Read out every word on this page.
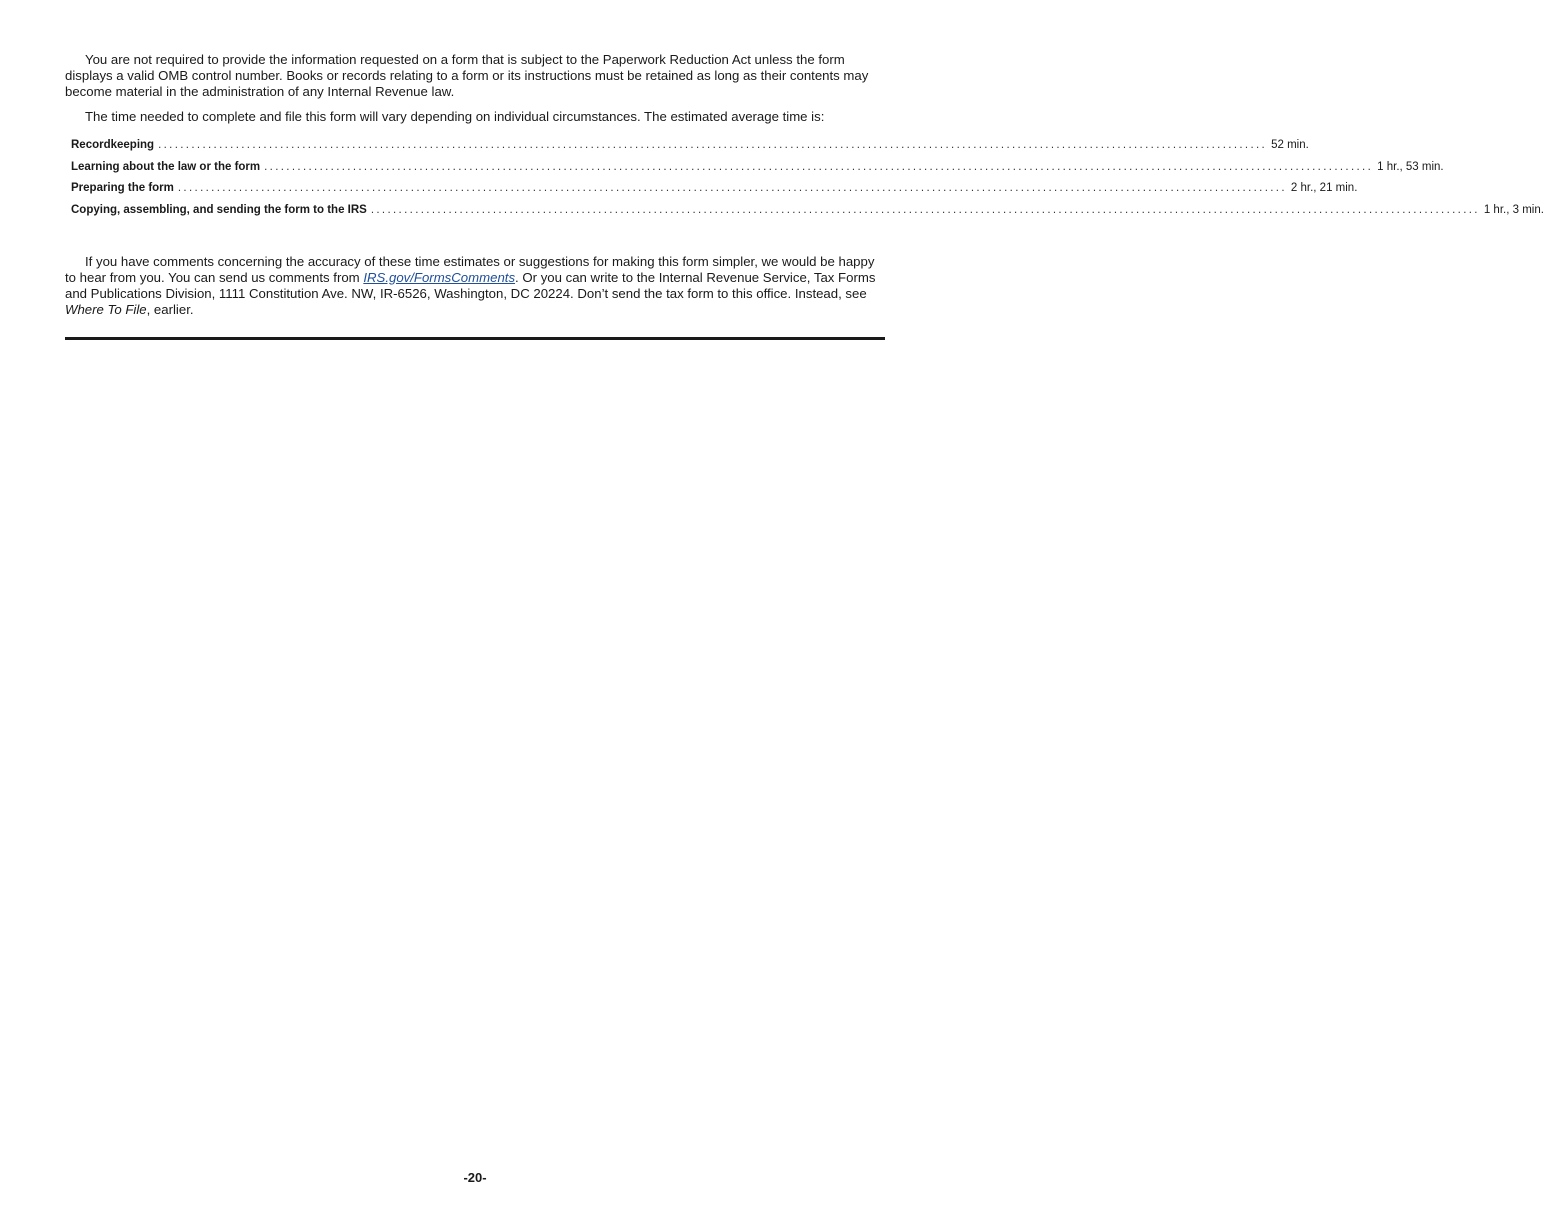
You are not required to provide the information requested on a form that is subject to the Paperwork Reduction Act unless the form displays a valid OMB control number. Books or records relating to a form or its instructions must be retained as long as their contents may become material in the administration of any Internal Revenue law.

The time needed to complete and file this form will vary depending on individual circumstances. The estimated average time is:

Recordkeeping ........................................................................................................................................................................................................ 52 min.
Learning about the law or the form ........................................................................................................................................................................................................ 1 hr., 53 min.
Preparing the form ........................................................................................................................................................................................................ 2 hr., 21 min.
Copying, assembling, and sending the form to the IRS ........................................................................................................................................................................................................ 1 hr., 3 min.

If you have comments concerning the accuracy of these time estimates or suggestions for making this form simpler, we would be happy to hear from you. You can send us comments from IRS.gov/FormsComments. Or you can write to the Internal Revenue Service, Tax Forms and Publications Division, 1111 Constitution Ave. NW, IR-6526, Washington, DC 20224. Don’t send the tax form to this office. Instead, see Where To File, earlier.

-20-
